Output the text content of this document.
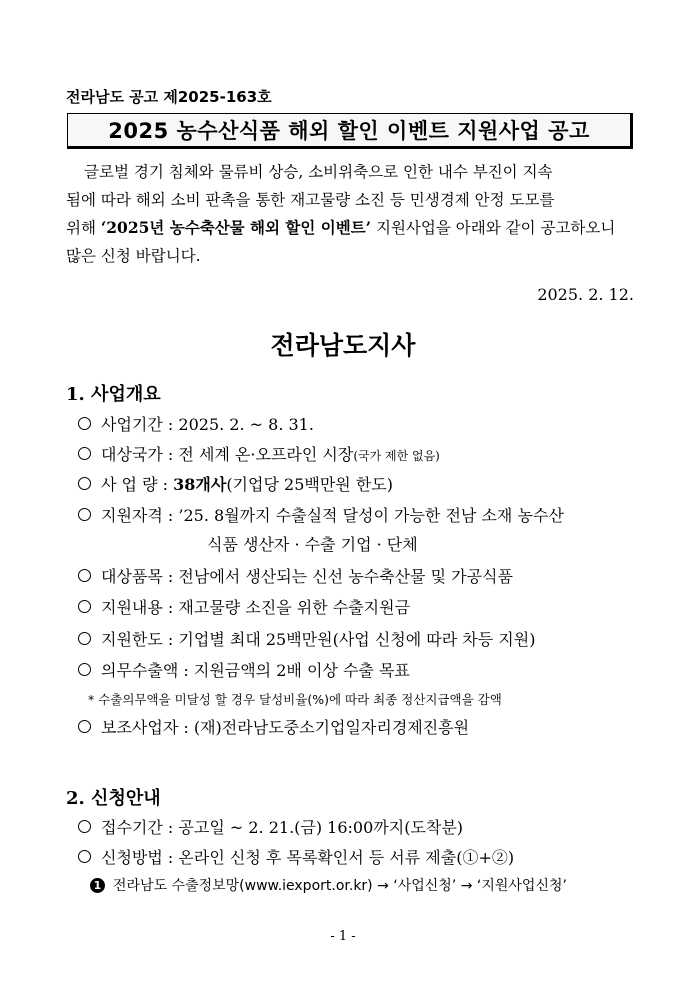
전라남도 공고 제2025-163호
2025 농수산식품 해외 할인 이벤트 지원사업 공고
글로벌 경기 침체와 물류비 상승, 소비위축으로 인한 내수 부진이 지속
됨에 따라 해외 소비 판촉을 통한 재고물량 소진 등 민생경제 안정 도모를
위해 ‘2025년 농수축산물 해외 할인 이벤트’ 지원사업을 아래와 같이 공고하오니
많은 신청 바랍니다.
2025. 2. 12.
전라남도지사
1. 사업개요
사업기간 : 2025. 2. ~ 8. 31.
대상국가 : 전 세계 온·오프라인 시장(국가 제한 없음)
사 업 량 : 38개사(기업당 25백만원 한도)
지원자격 : ’25. 8월까지 수출실적 달성이 가능한 전남 소재 농수산
식품 생산자 · 수출 기업 · 단체
대상품목 : 전남에서 생산되는 신선 농수축산물 및 가공식품
지원내용 : 재고물량 소진을 위한 수출지원금
지원한도 : 기업별 최대 25백만원(사업 신청에 따라 차등 지원)
의무수출액 : 지원금액의 2배 이상 수출 목표
* 수출의무액을 미달성 할 경우 달성비율(%)에 따라 최종 정산지급액을 감액
보조사업자 : (재)전라남도중소기업일자리경제진흥원
2. 신청안내
접수기간 : 공고일 ~ 2. 21.(금) 16:00까지(도착분)
신청방법 : 온라인 신청 후 목록확인서 등 서류 제출(①+②)
1 전라남도 수출정보망(www.iexport.or.kr) → ‘사업신청’ → ‘지원사업신청’
- 1 -
